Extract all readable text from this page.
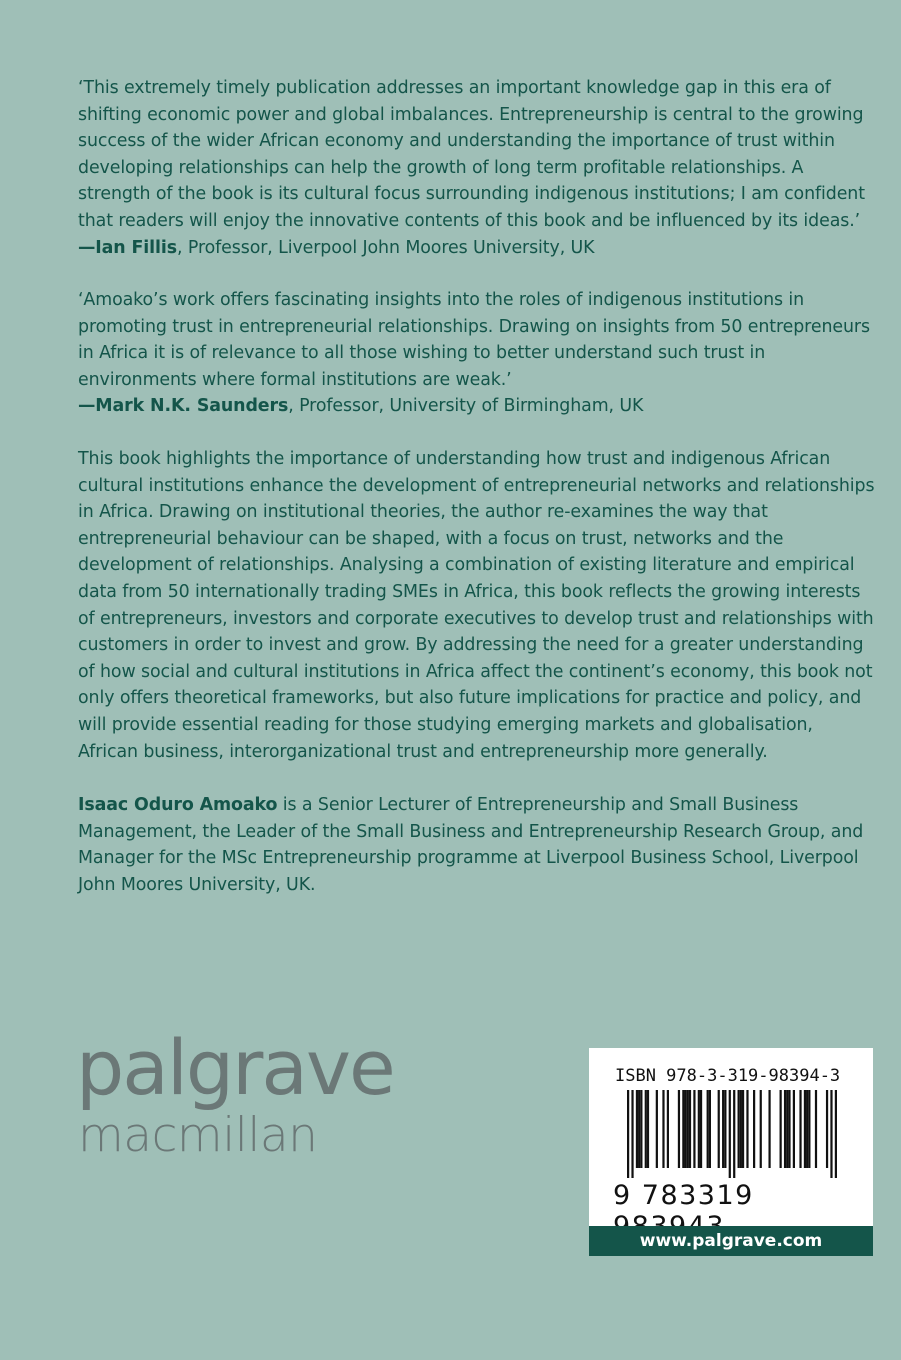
‘This extremely timely publication addresses an important knowledge gap in this era of shifting economic power and global imbalances. Entrepreneurship is central to the growing success of the wider African economy and understanding the importance of trust within developing relationships can help the growth of long term profitable relationships. A strength of the book is its cultural focus surrounding indigenous institutions; I am confident that readers will enjoy the innovative contents of this book and be influenced by its ideas.’

—Ian Fillis, Professor, Liverpool John Moores University, UK

‘Amoako’s work offers fascinating insights into the roles of indigenous institutions in promoting trust in entrepreneurial relationships. Drawing on insights from 50 entrepreneurs in Africa it is of relevance to all those wishing to better understand such trust in environments where formal institutions are weak.’

—Mark N.K. Saunders, Professor, University of Birmingham, UK

This book highlights the importance of understanding how trust and indigenous African cultural institutions enhance the development of entrepreneurial networks and relationships in Africa. Drawing on institutional theories, the author re-examines the way that entrepreneurial behaviour can be shaped, with a focus on trust, networks and the development of relationships. Analysing a combination of existing literature and empirical data from 50 internationally trading SMEs in Africa, this book reflects the growing interests of entrepreneurs, investors and corporate executives to develop trust and relationships with customers in order to invest and grow. By addressing the need for a greater understanding of how social and cultural institutions in Africa affect the continent’s economy, this book not only offers theoretical frameworks, but also future implications for practice and policy, and will provide essential reading for those studying emerging markets and globalisation, African business, interorganizational trust and entrepreneurship more generally.

Isaac Oduro Amoako is a Senior Lecturer of Entrepreneurship and Small Business Management, the Leader of the Small Business and Entrepreneurship Research Group, and Manager for the MSc Entrepreneurship programme at Liverpool Business School, Liverpool John Moores University, UK.

palgrave
macmillan
ISBN 978-3-319-98394-3
9 783319
www.palgrave.com
